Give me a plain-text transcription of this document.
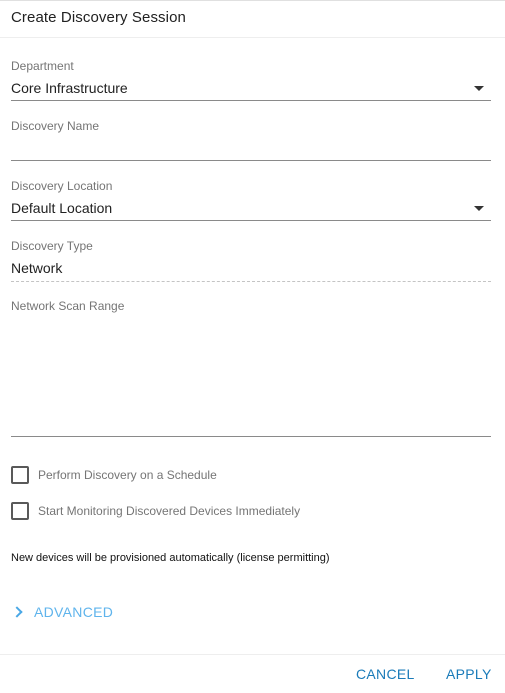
Create Discovery Session
Department
Core Infrastructure
Discovery Name
Discovery Location
Default Location
Discovery Type
Network
Network Scan Range
Perform Discovery on a Schedule
Start Monitoring Discovered Devices Immediately
New devices will be provisioned automatically (license permitting)
ADVANCED
CANCEL APPLY
